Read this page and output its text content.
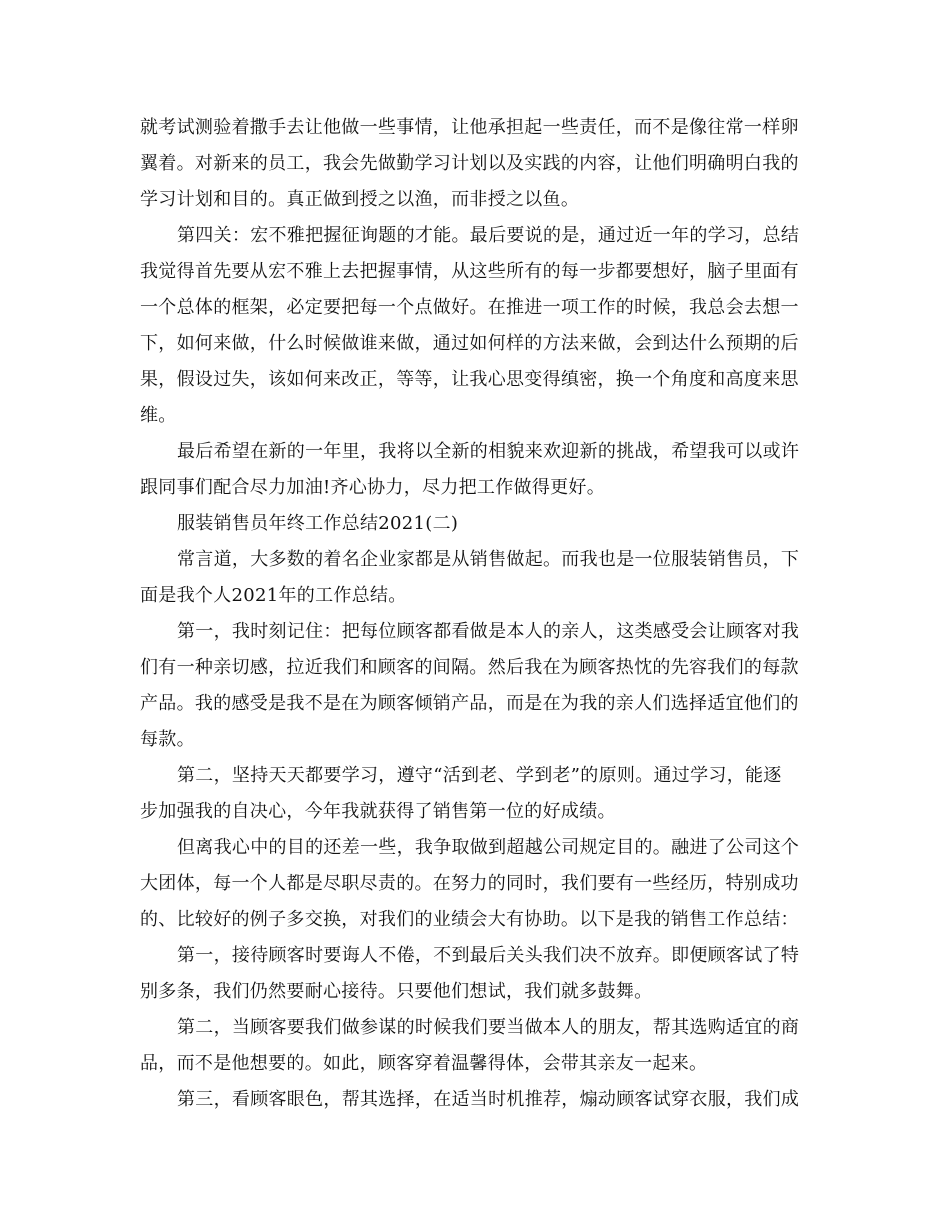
就考试测验着撒手去让他做一些事情，让他承担起一些责任，而不是像往常一样卵
翼着。对新来的员工，我会先做勤学习计划以及实践的内容，让他们明确明白我的
学习计划和目的。真正做到授之以渔，而非授之以鱼。
第四关：宏不雅把握征询题的才能。最后要说的是，通过近一年的学习，总结
我觉得首先要从宏不雅上去把握事情，从这些所有的每一步都要想好，脑子里面有
一个总体的框架，必定要把每一个点做好。在推进一项工作的时候，我总会去想一
下，如何来做，什么时候做谁来做，通过如何样的方法来做，会到达什么预期的后
果，假设过失，该如何来改正，等等，让我心思变得缜密，换一个角度和高度来思
维。
最后希望在新的一年里，我将以全新的相貌来欢迎新的挑战，希望我可以或许
跟同事们配合尽力加油!齐心协力，尽力把工作做得更好。
服装销售员年终工作总结2021(二)
常言道，大多数的着名企业家都是从销售做起。而我也是一位服装销售员，下
面是我个人2021年的工作总结。
第一，我时刻记住：把每位顾客都看做是本人的亲人，这类感受会让顾客对我
们有一种亲切感，拉近我们和顾客的间隔。然后我在为顾客热忱的先容我们的每款
产品。我的感受是我不是在为顾客倾销产品，而是在为我的亲人们选择适宜他们的
每款。
第二，坚持天天都要学习，遵守“活到老、学到老”的原则。通过学习，能逐
步加强我的自决心，今年我就获得了销售第一位的好成绩。
但离我心中的目的还差一些，我争取做到超越公司规定目的。融进了公司这个
大团体，每一个人都是尽职尽责的。在努力的同时，我们要有一些经历，特别成功
的、比较好的例子多交换，对我们的业绩会大有协助。以下是我的销售工作总结：
第一，接待顾客时要诲人不倦，不到最后关头我们决不放弃。即便顾客试了特
别多条，我们仍然要耐心接待。只要他们想试，我们就多鼓舞。
第二，当顾客要我们做参谋的时候我们要当做本人的朋友，帮其选购适宜的商
品，而不是他想要的。如此，顾客穿着温馨得体，会带其亲友一起来。
第三，看顾客眼色，帮其选择，在适当时机推荐，煽动顾客试穿衣服，我们成
